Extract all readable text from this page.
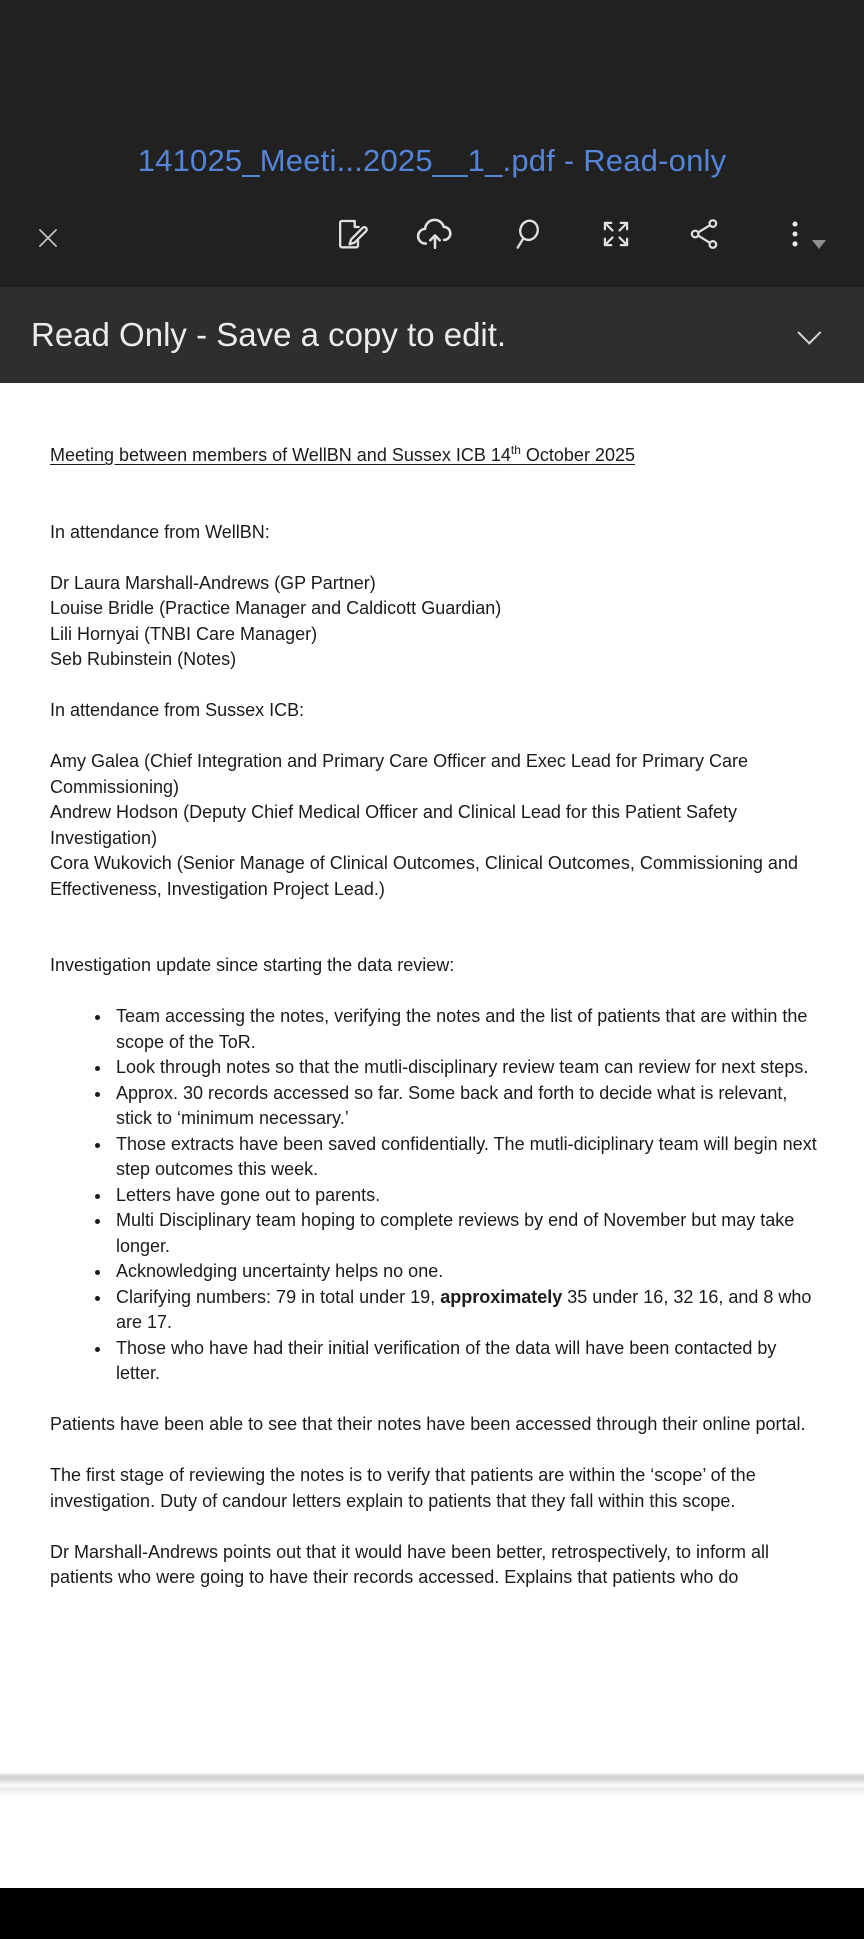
141025_Meeti...2025__1_.pdf - Read-only
Read Only - Save a copy to edit.
Meeting between members of WellBN and Sussex ICB 14th October 2025

In attendance from WellBN:

Dr Laura Marshall-Andrews (GP Partner)
Louise Bridle (Practice Manager and Caldicott Guardian)
Lili Hornyai (TNBI Care Manager)
Seb Rubinstein (Notes)

In attendance from Sussex ICB:

Amy Galea (Chief Integration and Primary Care Officer and Exec Lead for Primary Care Commissioning)

Andrew Hodson (Deputy Chief Medical Officer and Clinical Lead for this Patient Safety Investigation)

Cora Wukovich (Senior Manage of Clinical Outcomes, Clinical Outcomes, Commissioning and Effectiveness, Investigation Project Lead.)

Investigation update since starting the data review:

• Team accessing the notes, verifying the notes and the list of patients that are within the scope of the ToR.
• Look through notes so that the mutli-disciplinary review team can review for next steps.
• Approx. 30 records accessed so far. Some back and forth to decide what is relevant, stick to ‘minimum necessary.’
• Those extracts have been saved confidentially. The mutli-diciplinary team will begin next step outcomes this week.
• Letters have gone out to parents.
• Multi Disciplinary team hoping to complete reviews by end of November but may take longer.
• Acknowledging uncertainty helps no one.
• Clarifying numbers: 79 in total under 19, approximately 35 under 16, 32 16, and 8 who are 17.
• Those who have had their initial verification of the data will have been contacted by letter.

Patients have been able to see that their notes have been accessed through their online portal.

The first stage of reviewing the notes is to verify that patients are within the ‘scope’ of the investigation. Duty of candour letters explain to patients that they fall within this scope.

Dr Marshall-Andrews points out that it would have been better, retrospectively, to inform all patients who were going to have their records accessed. Explains that patients who do
